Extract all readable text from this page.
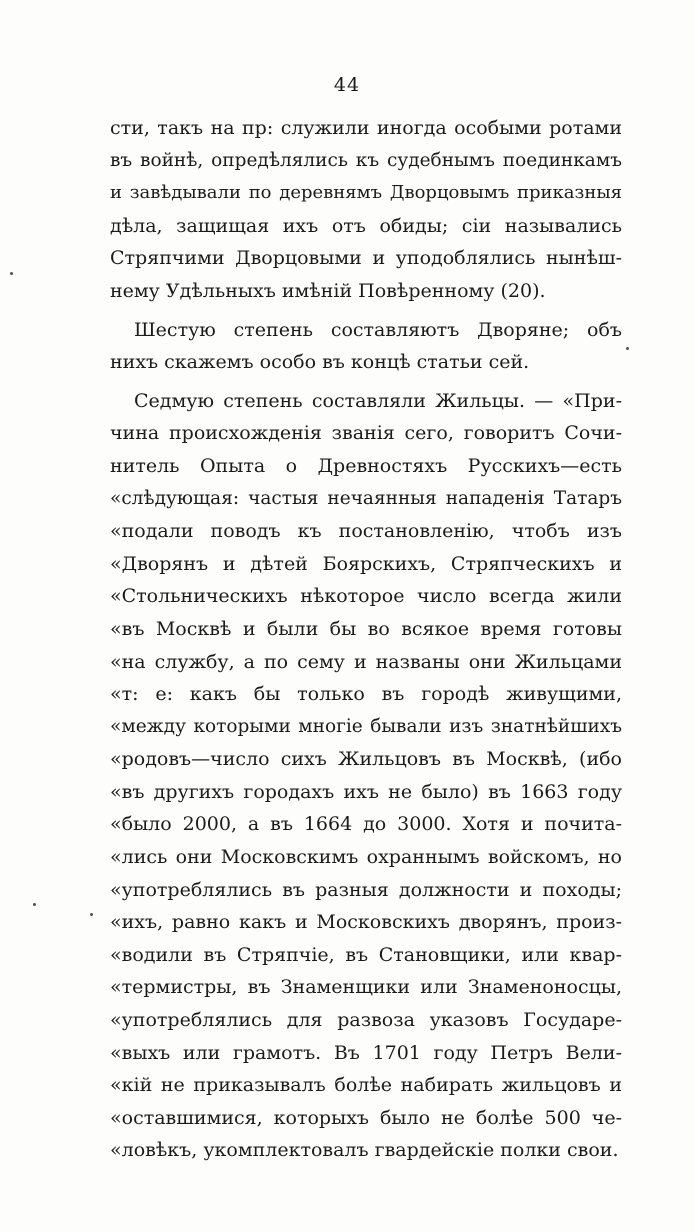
44
сти, такъ на пр: служили иногда особыми ротами
въ войнѣ, опредѣлялись къ судебнымъ поединкамъ
и завѣдывали по деревнямъ Дворцовымъ приказныя
дѣла, защищая ихъ отъ обиды; сіи назывались
Стряпчими Дворцовыми и уподоблялись нынѣш-
нему Удѣльныхъ имѣній Повѣренному (20).
Шестую степень составляютъ Дворяне; объ
нихъ скажемъ особо въ концѣ статьи сей.
Седмую степень составляли Жильцы. — «При-
чина происхожденія званія сего, говоритъ Сочи-
нитель Опыта о Древностяхъ Русскихъ—есть
«слѣдующая: частыя нечаянныя нападенія Татаръ
«подали поводъ къ постановленію, чтобъ изъ
«Дворянъ и дѣтей Боярскихъ, Стряпческихъ и
«Стольническихъ нѣкоторое число всегда жили
«въ Москвѣ и были бы во всякое время готовы
«на службу, а по сему и названы они Жильцами
«т: е: какъ бы только въ городѣ живущими,
«между которыми многіе бывали изъ знатнѣйшихъ
«родовъ—число сихъ Жильцовъ въ Москвѣ, (ибо
«въ другихъ городахъ ихъ не было) въ 1663 году
«было 2000, а въ 1664 до 3000. Хотя и почита-
«лись они Московскимъ охраннымъ войскомъ, но
«употреблялись въ разныя должности и походы;
«ихъ, равно какъ и Московскихъ дворянъ, произ-
«водили въ Стряпчіе, въ Становщики, или квар-
«термистры, въ Знаменщики или Знаменоносцы,
«употреблялись для развоза указовъ Государе-
«выхъ или грамотъ. Въ 1701 году Петръ Вели-
«кій не приказывалъ болѣе набирать жильцовъ и
«оставшимися, которыхъ было не болѣе 500 че-
«ловѣкъ, укомплектовалъ гвардейскіе полки свои.
